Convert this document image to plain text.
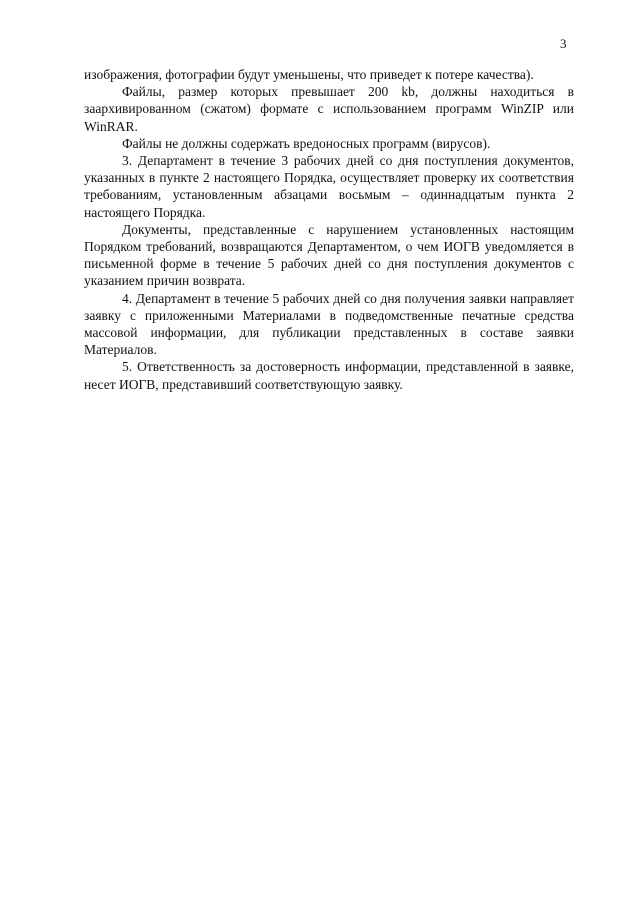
3

изображения, фотографии будут уменьшены, что приведет к потере качества).

Файлы, размер которых превышает 200 kb, должны находиться в заархивированном (сжатом) формате с использованием программ WinZIP или WinRAR.

Файлы не должны содержать вредоносных программ (вирусов).

3. Департамент в течение 3 рабочих дней со дня поступления документов, указанных в пункте 2 настоящего Порядка, осуществляет проверку их соответствия требованиям, установленным абзацами восьмым – одиннадцатым пункта 2 настоящего Порядка.

Документы, представленные с нарушением установленных настоящим Порядком требований, возвращаются Департаментом, о чем ИОГВ уведомляется в письменной форме в течение 5 рабочих дней со дня поступления документов с указанием причин возврата.

4. Департамент в течение 5 рабочих дней со дня получения заявки направляет заявку с приложенными Материалами в подведомственные печатные средства массовой информации, для публикации представленных в составе заявки Материалов.

5. Ответственность за достоверность информации, представленной в заявке, несет ИОГВ, представивший соответствующую заявку.
